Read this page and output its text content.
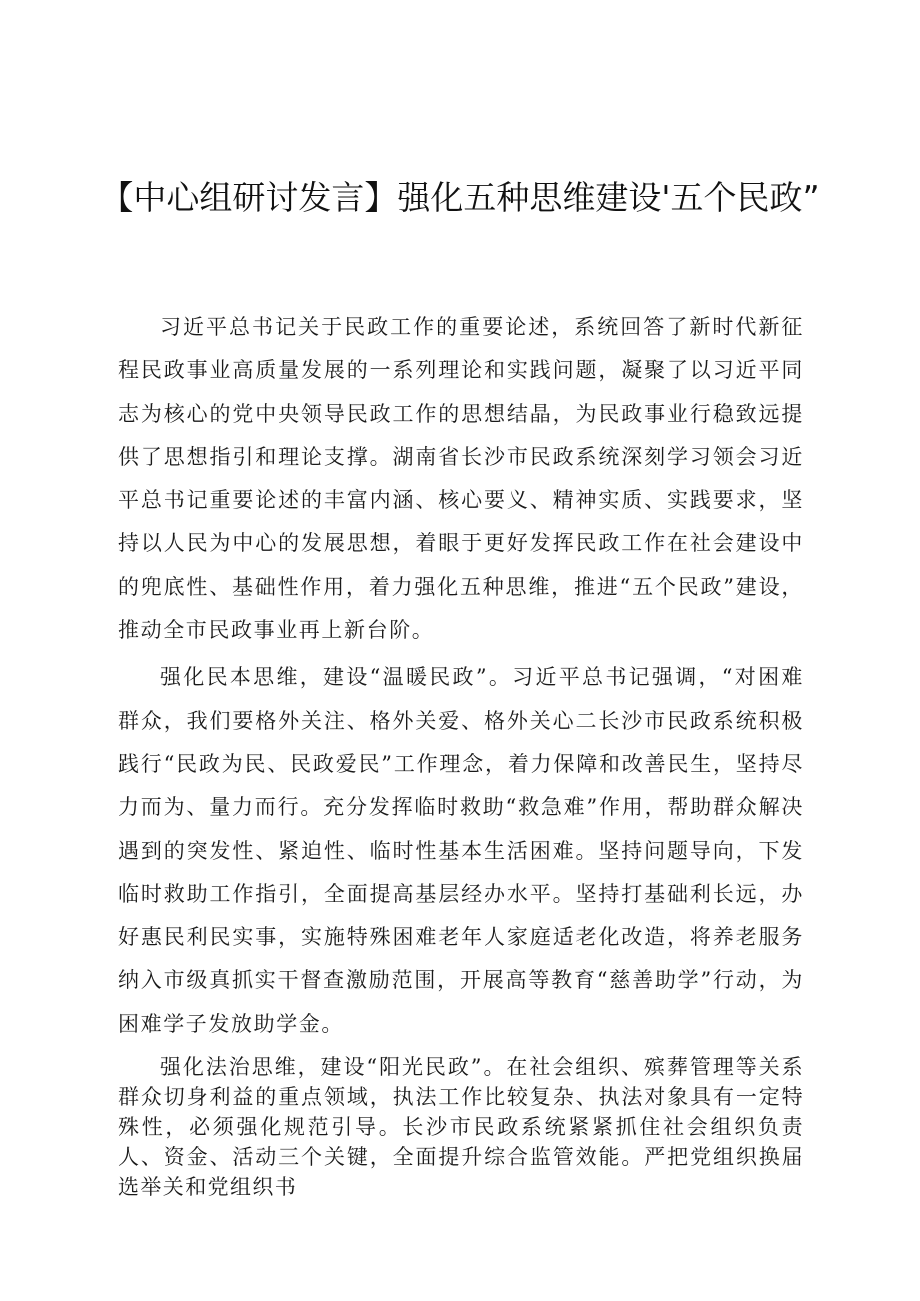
【中心组研讨发言】强化五种思维建设'五个民政”

习近平总书记关于民政工作的重要论述，系统回答了新时代新征程民政事业高质量发展的一系列理论和实践问题，凝聚了以习近平同志为核心的党中央领导民政工作的思想结晶，为民政事业行稳致远提供了思想指引和理论支撑。湖南省长沙市民政系统深刻学习领会习近平总书记重要论述的丰富内涵、核心要义、精神实质、实践要求，坚持以人民为中心的发展思想，着眼于更好发挥民政工作在社会建设中的兜底性、基础性作用，着力强化五种思维，推进“五个民政”建设，推动全市民政事业再上新台阶。

强化民本思维，建设“温暖民政”。习近平总书记强调，“对困难群众，我们要格外关注、格外关爱、格外关心二长沙市民政系统积极践行“民政为民、民政爱民”工作理念，着力保障和改善民生，坚持尽力而为、量力而行。充分发挥临时救助“救急难”作用，帮助群众解决遇到的突发性、紧迫性、临时性基本生活困难。坚持问题导向，下发临时救助工作指引，全面提高基层经办水平。坚持打基础利长远，办好惠民利民实事，实施特殊困难老年人家庭适老化改造，将养老服务纳入市级真抓实干督查激励范围，开展高等教育“慈善助学”行动，为困难学子发放助学金。

强化法治思维，建设“阳光民政”。在社会组织、殡葬管理等关系群众切身利益的重点领域，执法工作比较复杂、执法对象具有一定特殊性，必须强化规范引导。长沙市民政系统紧紧抓住社会组织负责人、资金、活动三个关键，全面提升综合监管效能。严把党组织换届选举关和党组织书
